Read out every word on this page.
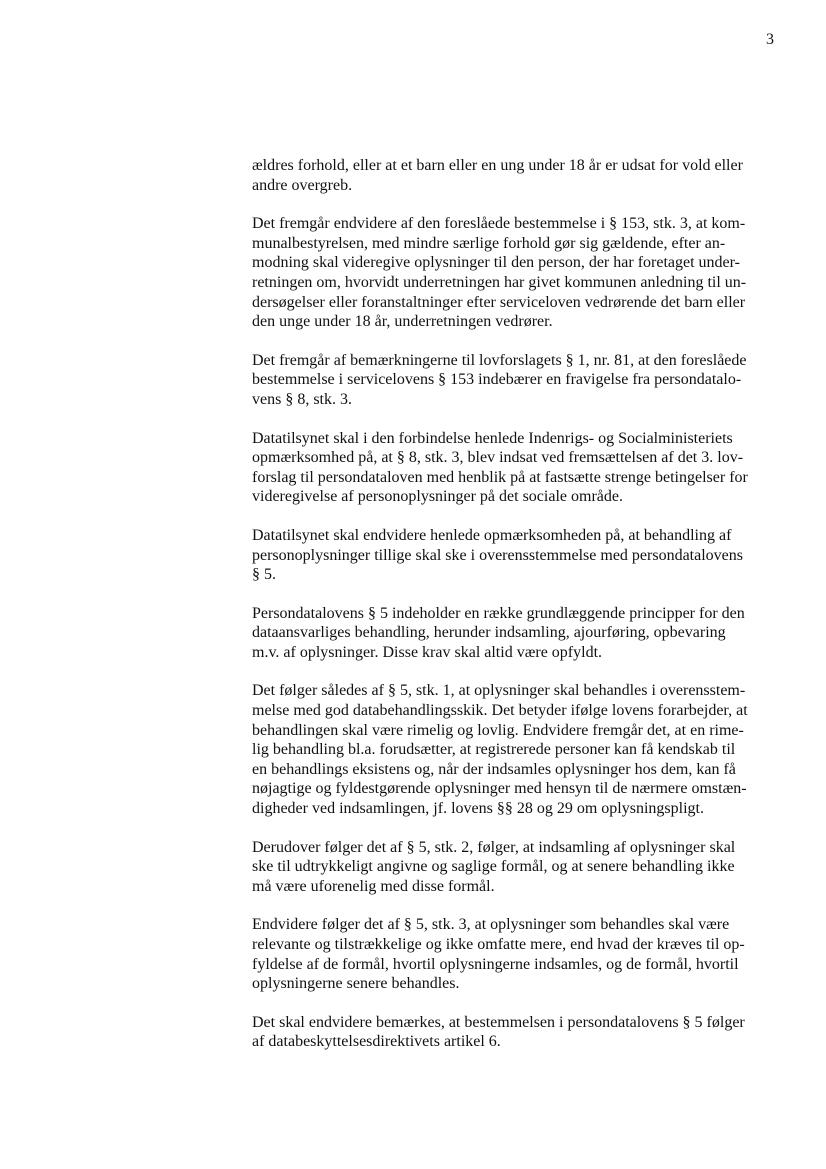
3

ældres forhold, eller at et barn eller en ung under 18 år er udsat for vold eller
andre overgreb.

Det fremgår endvidere af den foreslåede bestemmelse i § 153, stk. 3, at kom-
munalbestyrelsen, med mindre særlige forhold gør sig gældende, efter an-
modning skal videregive oplysninger til den person, der har foretaget under-
retningen om, hvorvidt underretningen har givet kommunen anledning til un-
dersøgelser eller foranstaltninger efter serviceloven vedrørende det barn eller
den unge under 18 år, underretningen vedrører.

Det fremgår af bemærkningerne til lovforslagets § 1, nr. 81, at den foreslåede
bestemmelse i servicelovens § 153 indebærer en fravigelse fra persondatalo-
vens § 8, stk. 3.

Datatilsynet skal i den forbindelse henlede Indenrigs- og Socialministeriets
opmærksomhed på, at § 8, stk. 3, blev indsat ved fremsættelsen af det 3. lov-
forslag til persondataloven med henblik på at fastsætte strenge betingelser for
videregivelse af personoplysninger på det sociale område.

Datatilsynet skal endvidere henlede opmærksomheden på, at behandling af
personoplysninger tillige skal ske i overensstemmelse med persondatalovens
§ 5.

Persondatalovens § 5 indeholder en række grundlæggende principper for den
dataansvarliges behandling, herunder indsamling, ajourføring, opbevaring
m.v. af oplysninger. Disse krav skal altid være opfyldt.

Det følger således af § 5, stk. 1, at oplysninger skal behandles i overensstem-
melse med god databehandlingsskik. Det betyder ifølge lovens forarbejder, at
behandlingen skal være rimelig og lovlig. Endvidere fremgår det, at en rime-
lig behandling bl.a. forudsætter, at registrerede personer kan få kendskab til
en behandlings eksistens og, når der indsamles oplysninger hos dem, kan få
nøjagtige og fyldestgørende oplysninger med hensyn til de nærmere omstæn-
digheder ved indsamlingen, jf. lovens §§ 28 og 29 om oplysningspligt.

Derudover følger det af § 5, stk. 2, følger, at indsamling af oplysninger skal
ske til udtrykkeligt angivne og saglige formål, og at senere behandling ikke
må være uforenelig med disse formål.

Endvidere følger det af § 5, stk. 3, at oplysninger som behandles skal være
relevante og tilstrækkelige og ikke omfatte mere, end hvad der kræves til op-
fyldelse af de formål, hvortil oplysningerne indsamles, og de formål, hvortil
oplysningerne senere behandles.

Det skal endvidere bemærkes, at bestemmelsen i persondatalovens § 5 følger
af databeskyttelsesdirektivets artikel 6.
